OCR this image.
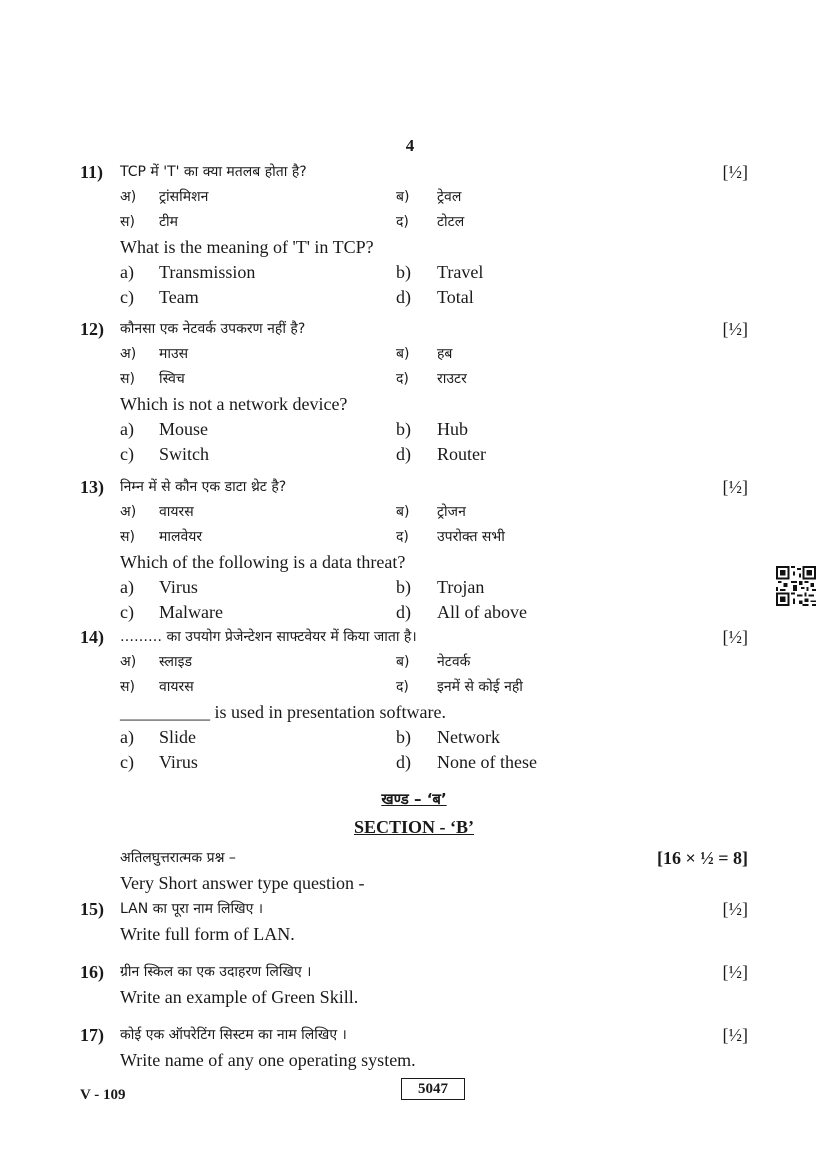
4
11) TCP में 'T' का क्या मतलब होता है?	[½]
अ) ट्रांसमिशन	ब) ट्रेवल
स) टीम	द) टोटल
What is the meaning of 'T' in TCP?
a) Transmission	b) Travel
c) Team	d) Total
12) कौनसा एक नेटवर्क उपकरण नहीं है?	[½]
अ) माउस	ब) हब
स) स्विच	द) राउटर
Which is not a network device?
a) Mouse	b) Hub
c) Switch	d) Router
13) निम्न में से कौन एक डाटा थ्रेट है?	[½]
अ) वायरस	ब) ट्रोजन
स) मालवेयर	द) उपरोक्त सभी
Which of the following is a data threat?
a) Virus	b) Trojan
c) Malware	d) All of above
14) ……… का उपयोग प्रेजेन्टेशन साफ्टवेयर में किया जाता है।	[½]
अ) स्लाइड	ब) नेटवर्क
स) वायरस	द) इनमें से कोई नही
__________ is used in presentation software.
a) Slide	b) Network
c) Virus	d) None of these
खण्ड – ‘ब’
SECTION - ‘B’
अतिलघुत्तरात्मक प्रश्न –	[16 × ½ = 8]
Very Short answer type question -
15) LAN का पूरा नाम लिखिए ।	[½]
Write full form of LAN.
16) ग्रीन स्किल का एक उदाहरण लिखिए ।	[½]
Write an example of Green Skill.
17) कोई एक ऑपरेटिंग सिस्टम का नाम लिखिए ।	[½]
Write name of any one operating system.
V - 109	5047
